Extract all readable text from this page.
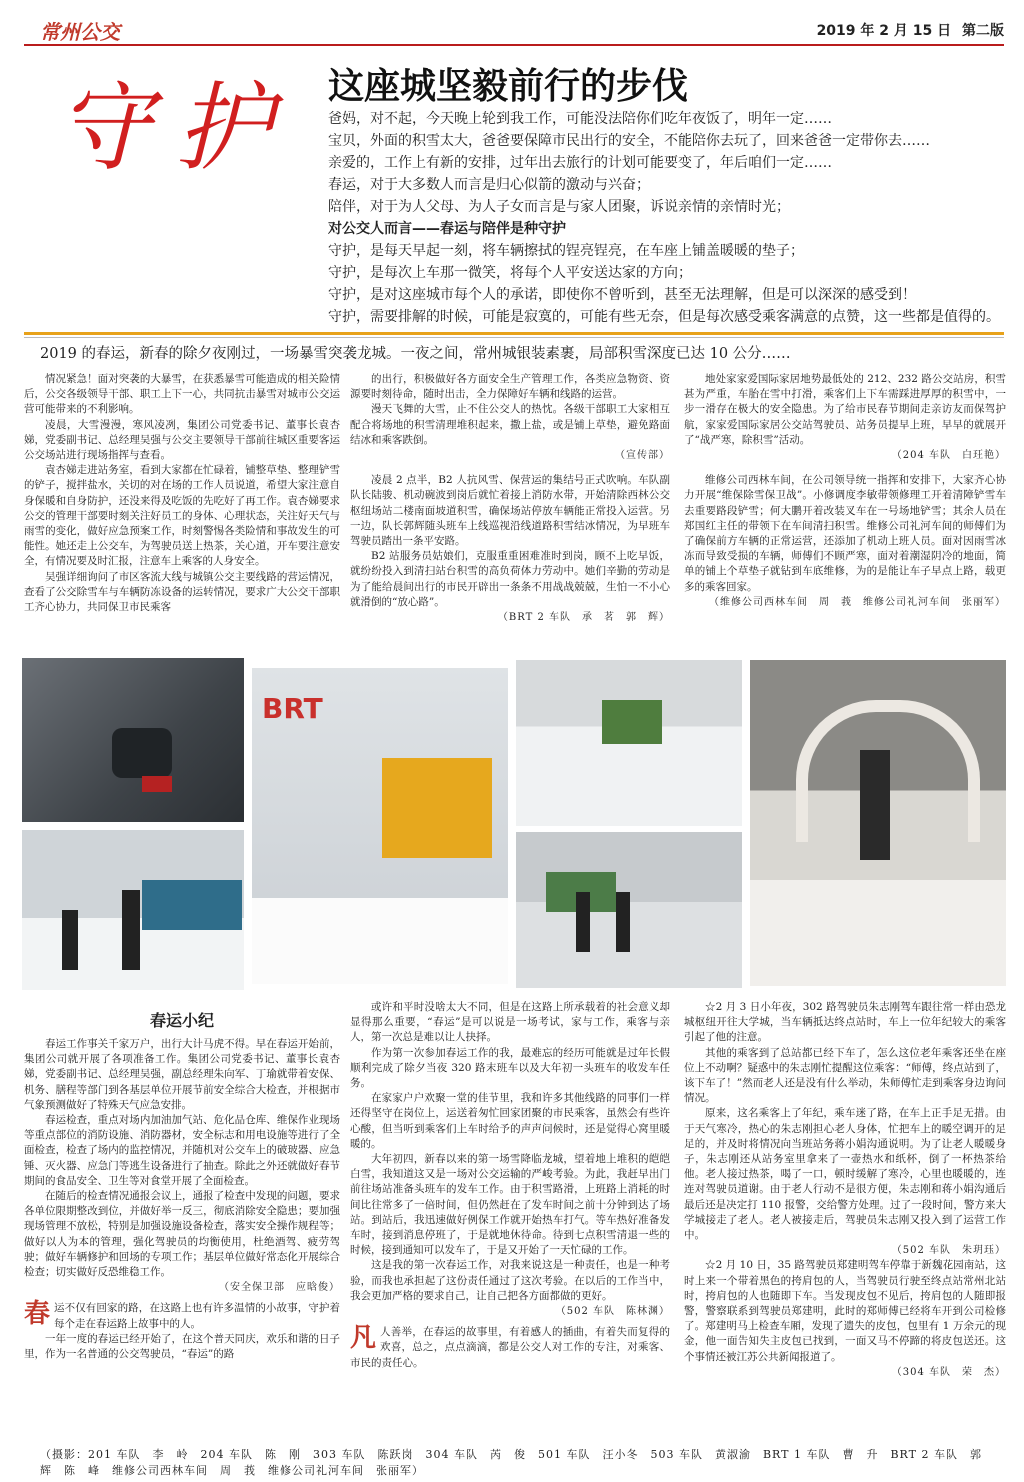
常州公交	2019 年 2 月 15 日 第二版
守 护 这座城坚毅前行的步伐
爸妈，对不起，今天晚上轮到我工作，可能没法陪你们吃年夜饭了，明年一定……
宝贝，外面的积雪太大，爸爸要保障市民出行的安全，不能陪你去玩了，回来爸爸一定带你去……
亲爱的，工作上有新的安排，过年出去旅行的计划可能要变了，年后咱们一定……
春运，对于大多数人而言是归心似箭的激动与兴奋；
陪伴，对于为人父母、为人子女而言是与家人团聚，诉说亲情的亲情时光；
对公交人而言——春运与陪伴是种守护
守护，是每天早起一刻，将车辆擦拭的锃亮锃亮，在车座上铺盖暖暖的垫子；
守护，是每次上车那一微笑，将每个人平安送达家的方向；
守护，是对这座城市每个人的承诺，即使你不曾听到，甚至无法理解，但是可以深深的感受到！
守护，需要排解的时候，可能是寂寞的，可能有些无奈，但是每次感受乘客满意的点赞，这一些都是值得的。
2019 的春运，新春的除夕夜刚过，一场暴雪突袭龙城。一夜之间，常州城银装素裹，局部积雪深度已达 10 公分……

情况紧急！面对突袭的大暴雪，在获悉暴雪可能造成的相关险情后，公交各级领导干部、职工上下一心，共同抗击暴雪对城市公交运营可能带来的不利影响。

凌晨，大雪漫漫，寒风凌冽，集团公司党委书记、董事长袁杏娣，党委副书记、总经理吴强与公交主要领导干部前往城区重要客运公交场站进行现场指挥与查看。

袁杏娣走进站务室，看到大家都在忙碌着，铺整草垫、整理铲雪的铲子，搅拌盐水，关切的对在场的工作人员说道，希望大家注意自身保暖和自身防护，还没来得及吃饭的先吃好了再工作。袁杏娣要求公交的管理干部要时刻关注好员工的身体、心理状态，关注好天气与雨雪的变化，做好应急预案工作，时刻警惕各类险情和事故发生的可能性。她还走上公交车，为驾驶员送上热茶，关心道，开车要注意安全，有情况要及时汇报，注意车上乘客的人身安全。

吴强详细询问了市区客流大线与城镇公交主要线路的营运情况，查看了公交除雪车与车辆防冻设备的运转情况，要求广大公交干部职工齐心协力，共同保卫市民乘客

的出行，积极做好各方面安全生产管理工作，各类应急物资、资源要时刻待命，随时出击，全力保障好车辆和线路的运营。

漫天飞舞的大雪，止不住公交人的热忱。各级干部职工大家相互配合将场地的积雪清理堆积起来，撒上盐，或是铺上草垫，避免路面结冰和乘客跌倒。

（宣传部）

凌晨 2 点半，B2 人抗风雪、保营运的集结号正式吹响。车队副队长陆骏、机动碗波到岗后就忙着接上消防水带，开始清除西林公交枢纽场站二楼南面坡道积雪，确保场站停放车辆能正常投入运营。另一边，队长郭辉随头班车上线巡视沿线道路积雪结冰情况，为早班车驾驶员踏出一条平安路。

B2 站服务员姑娘们，克服重重困难准时到岗，顾不上吃早饭，就纷纷投入到清扫站台积雪的高负荷体力劳动中。她们辛勤的劳动是为了能给晨间出行的市民开辟出一条条不用战战兢兢，生怕一不小心就滑倒的“放心路”。

（BRT 2 车队　承　茗　郭　辉）

地处家家爱国际家居地势最低处的 212、232 路公交站房，积雪甚为严重，车胎在雪中打滑，乘客们上下车需踩进厚厚的积雪中，一步一滑存在极大的安全隐患。为了给市民春节期间走亲访友而保驾护航，家家爱国际家居公交站驾驶员、站务员提早上班，早早的就展开了“战严寒，除积雪”活动。

（204 车队　白玨艳）

维修公司西林车间，在公司领导统一指挥和安排下，大家齐心协力开展“维保除雪保卫战”。小修调度李敏带领修理工开着清障铲雪车去重要路段铲雪；何大鹏开着改装叉车在一号场地铲雪；其余人员在郑国红主任的带领下在车间清扫积雪。维修公司礼河车间的师傅们为了确保前方车辆的正常运营，还添加了机动上班人员。面对因雨雪冰冻而导致受损的车辆，师傅们不顾严寒，面对着潮湿阴冷的地面，简单的铺上个草垫子就钻到车底维修，为的是能让车子早点上路，载更多的乘客回家。

（维修公司西林车间　周　莪　维修公司礼河车间　张丽军）
BRT
春运小纪

春运工作事关千家万户，出行大计马虎不得。早在春运开始前，集团公司就开展了各项准备工作。集团公司党委书记、董事长袁杏娣，党委副书记、总经理吴强，副总经理朱向军、丁瑜就带着安保、机务、膳程等部门到各基层单位开展节前安全综合大检查，并根据市气象预测做好了特殊天气应急安排。

春运检查，重点对场内加油加气站、危化品仓库、维保作业现场等重点部位的消防设施、消防器材，安全标志和用电设施等进行了全面检查，检查了场内的监控情况，并随机对公交车上的破玻器、应急锤、灭火器、应急门等逃生设备进行了抽查。除此之外还就做好春节期间的食品安全、卫生等对食堂开展了全面检查。

在随后的检查情况通报会议上，通报了检查中发现的问题，要求各单位限期整改到位，并做好举一反三，彻底消除安全隐患；要加强现场管理不放松，特别是加强设施设备检查，落实安全操作规程等；做好以人为本的管理，强化驾驶员的均衡使用，杜绝酒驾、疲劳驾驶；做好车辆修护和回场的专项工作；基层单位做好常态化开展综合检查；切实做好反恐维稳工作。

（安全保卫部　应晗俊）
春运不仅有回家的路，在这路上也有许多温情的小故事，守护着每个走在春运路上故事中的人。

一年一度的春运已经开始了，在这个普天同庆，欢乐和谐的日子里，作为一名普通的公交驾驶员，“春运”的路

或许和平时没啥太大不同，但是在这路上所承载着的社会意义却显得那么重要，“春运”是可以说是一场考试，家与工作，乘客与亲人，第一次总是难以让人抉择。

作为第一次参加春运工作的我，最难忘的经历可能就是过年长假顺利完成了除夕当夜 320 路末班车以及大年初一头班车的收发车任务。

在家家户户欢聚一堂的佳节里，我和许多其他线路的同事们一样还得坚守在岗位上，运送着匆忙回家团聚的市民乘客，虽然会有些许心酸，但当听到乘客们上车时给予的声声问候时，还是觉得心窝里暖暖的。

大年初四，新春以来的第一场雪降临龙城，望着地上堆积的皑皑白雪，我知道这又是一场对公交运输的严峻考验。为此，我赶早出门前往场站准备头班车的发车工作。由于积雪路滑，上班路上消耗的时间比往常多了一倍时间，但仍然赶在了发车时间之前十分钟到达了场站。到站后，我迅速做好例保工作就开始热车打气。等车热好准备发车时，接到消息停班了，于是就地休待命。待到七点积雪清退一些的时候，接到通知可以发车了，于是又开始了一天忙碌的工作。

这是我的第一次春运工作，对我来说这是一种责任，也是一种考验，而我也承担起了这份责任通过了这次考验。在以后的工作当中，我会更加严格的要求自己，让自己把各方面都做的更好。

（502 车队　陈林渊）
凡人善举，在春运的故事里，有着感人的插曲，有着失而复得的欢喜，总之，点点滴滴，都是公交人对工作的专注，对乘客、市民的责任心。

☆2 月 3 日小年夜，302 路驾驶员朱志刚驾车跟往常一样由恐龙城枢纽开往大学城，当车辆抵达终点站时，车上一位年纪较大的乘客引起了他的注意。

其他的乘客到了总站都已经下车了，怎么这位老年乘客还坐在座位上不动啊？疑惑中的朱志刚忙提醒这位乘客：“师傅，终点站到了，该下车了！”然而老人还是没有什么举动，朱师傅忙走到乘客身边询问情况。

原来，这名乘客上了年纪，乘车迷了路，在车上正手足无措。由于天气寒冷，热心的朱志刚担心老人身体，忙把车上的暖空调开的足足的，并及时将情况向当班站务蒋小娟沟通说明。为了让老人暖暖身子，朱志刚还从站务室里拿来了一壶热水和纸杯，倒了一杯热茶给他。老人接过热茶，喝了一口，顿时缓解了寒冷，心里也暖暖的，连连对驾驶员道谢。由于老人行动不是很方便，朱志刚和蒋小娟沟通后最后还是决定打 110 报警，交给警方处理。过了一段时间，警方来大学城接走了老人。老人被接走后，驾驶员朱志刚又投入到了运营工作中。

（502 车队　朱玥珏）

☆2 月 10 日，35 路驾驶员郑建明驾车停靠于新魏花园南站，这时上来一个带着黑色的挎肩包的人，当驾驶员行驶至终点站常州北站时，挎肩包的人也随即下车。当发现皮包不见后，挎肩包的人随即报警，警察联系到驾驶员郑建明，此时的郑师傅已经将车开到公司检修了。郑建明马上检查车厢，发现了遗失的皮包，包里有 1 万余元的现金，他一面告知失主皮包已找到，一面又马不停蹄的将皮包送还。这个事情还被江苏公共新闻报道了。

（304 车队　荣　杰）
（摄影：201 车队　李　岭　204 车队　陈　刚　303 车队　陈跃岗　304 车队　芮　俊　501 车队　汪小冬　503 车队　黄淑渝　BRT 1 车队　曹　升　BRT 2 车队　郭　辉　陈　峰　维修公司西林车间　周　莪　维修公司礼河车间　张丽军）
